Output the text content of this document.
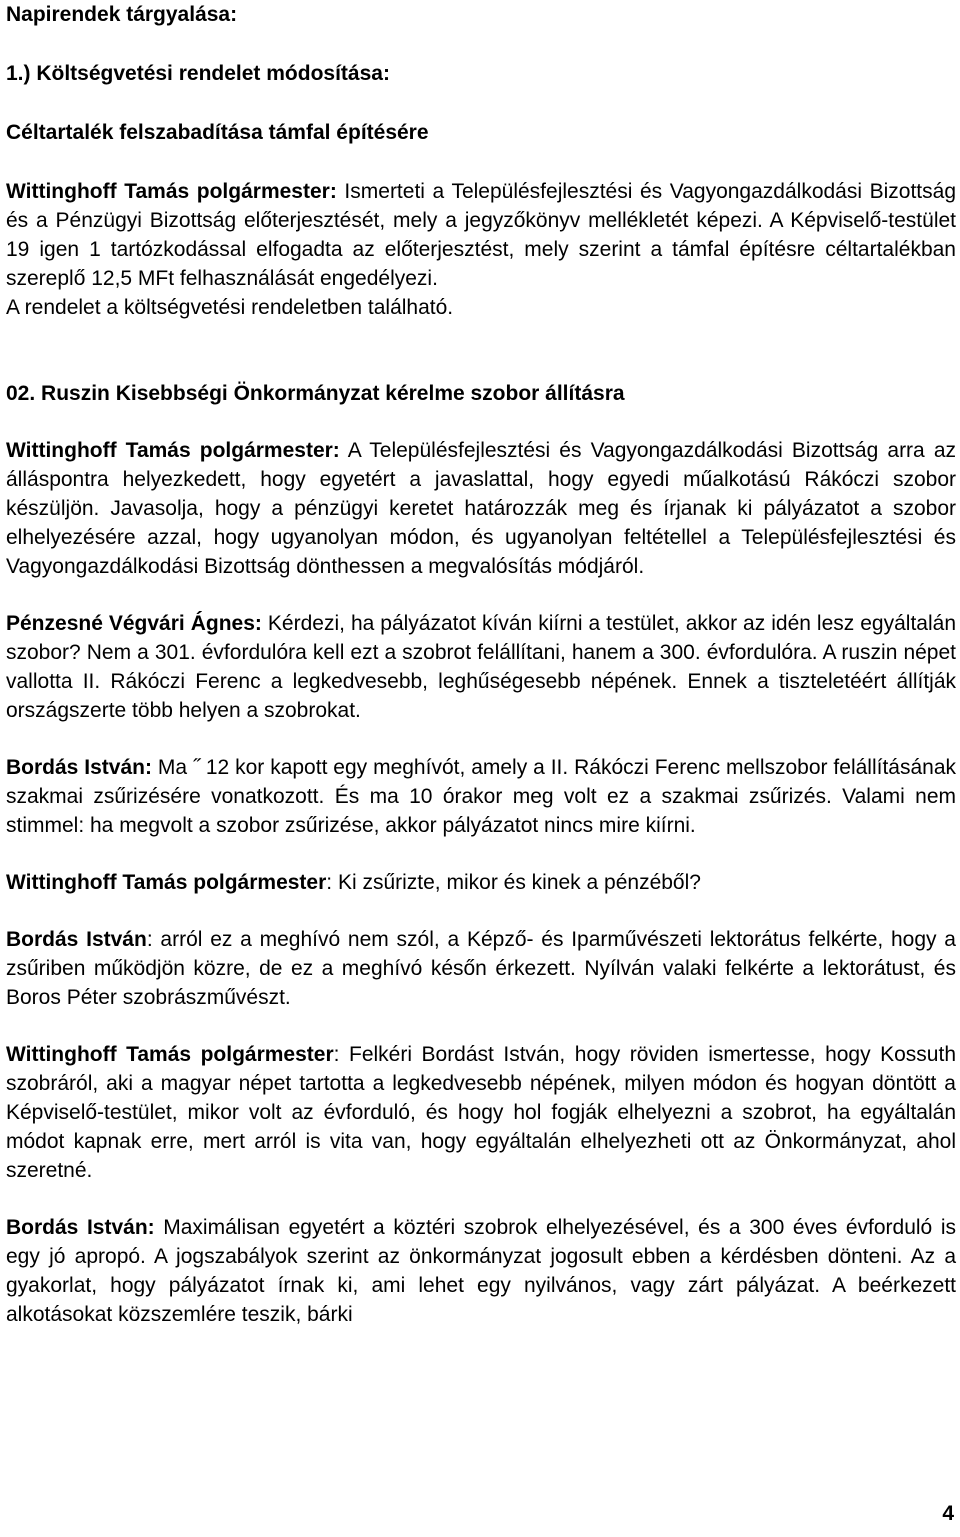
Napirendek tárgyalása:

1.) Költségvetési rendelet módosítása:

Céltartalék felszabadítása támfal építésére

Wittinghoff Tamás polgármester: Ismerteti a Településfejlesztési és Vagyongazdálkodási Bizottság és a Pénzügyi Bizottság előterjesztését, mely a jegyzőkönyv mellékletét képezi. A Képviselő-testület 19 igen 1 tartózkodással elfogadta az előterjesztést, mely szerint a támfal építésre céltartalékban szereplő 12,5 MFt felhasználását engedélyezi.

A rendelet a költségvetési rendeletben található.

02. Ruszin Kisebbségi Önkormányzat kérelme szobor állításra

Wittinghoff Tamás polgármester: A Településfejlesztési és Vagyongazdálkodási Bizottság arra az álláspontra helyezkedett, hogy egyetért a javaslattal, hogy egyedi műalkotású Rákóczi szobor készüljön. Javasolja, hogy a pénzügyi keretet határozzák meg és írjanak ki pályázatot a szobor elhelyezésére azzal, hogy ugyanolyan módon, és ugyanolyan feltétellel a Településfejlesztési és Vagyongazdálkodási Bizottság dönthessen a megvalósítás módjáról.

Pénzesné Végvári Ágnes: Kérdezi, ha pályázatot kíván kiírni a testület, akkor az idén lesz egyáltalán szobor? Nem a 301. évfordulóra kell ezt a szobrot felállítani, hanem a 300. évfordulóra. A ruszin népet vallotta II. Rákóczi Ferenc a legkedvesebb, leghűségesebb népének. Ennek a tiszteletéért állítják országszerte több helyen a szobrokat.

Bordás István: Ma ˝ 12 kor kapott egy meghívót, amely a II. Rákóczi Ferenc mellszobor felállításának szakmai zsűrizésére vonatkozott. És ma 10 órakor meg volt ez a szakmai zsűrizés. Valami nem stimmel: ha megvolt a szobor zsűrizése, akkor pályázatot nincs mire kiírni.

Wittinghoff Tamás polgármester: Ki zsűrizte, mikor és kinek a pénzéből?

Bordás István: arról ez a meghívó nem szól, a Képző- és Iparművészeti lektorátus felkérte, hogy a zsűriben működjön közre, de ez a meghívó későn érkezett. Nyílván valaki felkérte a lektorátust, és Boros Péter szobrászművészt.

Wittinghoff Tamás polgármester: Felkéri Bordást István, hogy röviden ismertesse, hogy Kossuth szobráról, aki a magyar népet tartotta a legkedvesebb népének, milyen módon és hogyan döntött a Képviselő-testület, mikor volt az évforduló, és hogy hol fogják elhelyezni a szobrot, ha egyáltalán módot kapnak erre, mert arról is vita van, hogy egyáltalán elhelyezheti ott az Önkormányzat, ahol szeretné.

Bordás István: Maximálisan egyetért a köztéri szobrok elhelyezésével, és a 300 éves évforduló is egy jó apropó. A jogszabályok szerint az önkormányzat jogosult ebben a kérdésben dönteni. Az a gyakorlat, hogy pályázatot írnak ki, ami lehet egy nyilvános, vagy zárt pályázat. A beérkezett alkotásokat közszemlére teszik, bárki

4
